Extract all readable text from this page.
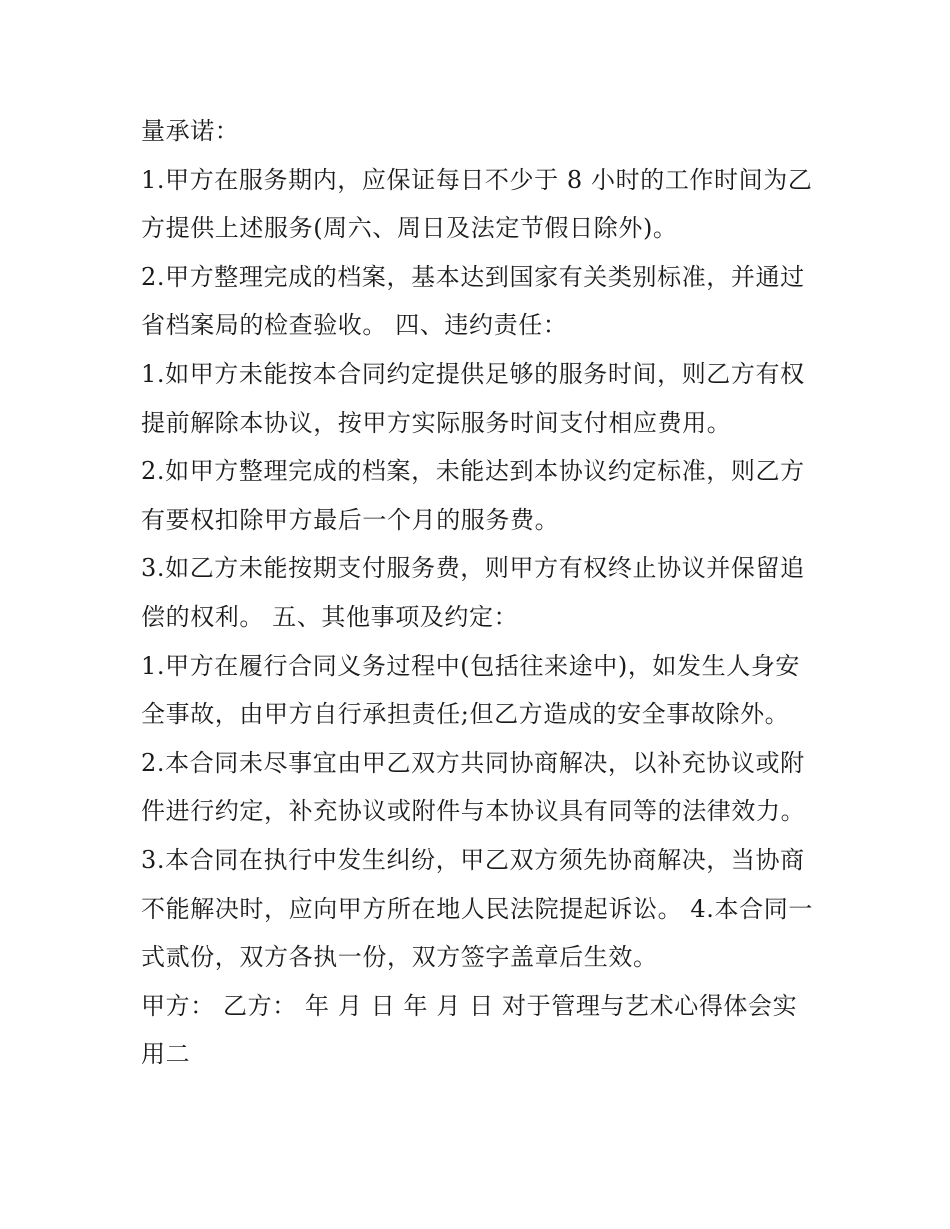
量承诺：

1.甲方在服务期内，应保证每日不少于 8 小时的工作时间为乙方提供上述服务(周六、周日及法定节假日除外)。

2.甲方整理完成的档案，基本达到国家有关类别标准，并通过省档案局的检查验收。 四、违约责任：

1.如甲方未能按本合同约定提供足够的服务时间，则乙方有权提前解除本协议，按甲方实际服务时间支付相应费用。

2.如甲方整理完成的档案，未能达到本协议约定标准，则乙方有要权扣除甲方最后一个月的服务费。

3.如乙方未能按期支付服务费，则甲方有权终止协议并保留追偿的权利。 五、其他事项及约定：

1.甲方在履行合同义务过程中(包括往来途中)，如发生人身安全事故，由甲方自行承担责任;但乙方造成的安全事故除外。

2.本合同未尽事宜由甲乙双方共同协商解决，以补充协议或附件进行约定，补充协议或附件与本协议具有同等的法律效力。

3.本合同在执行中发生纠纷，甲乙双方须先协商解决，当协商不能解决时，应向甲方所在地人民法院提起诉讼。 4.本合同一式贰份，双方各执一份，双方签字盖章后生效。

甲方： 乙方： 年 月 日 年 月 日 对于管理与艺术心得体会实用二
